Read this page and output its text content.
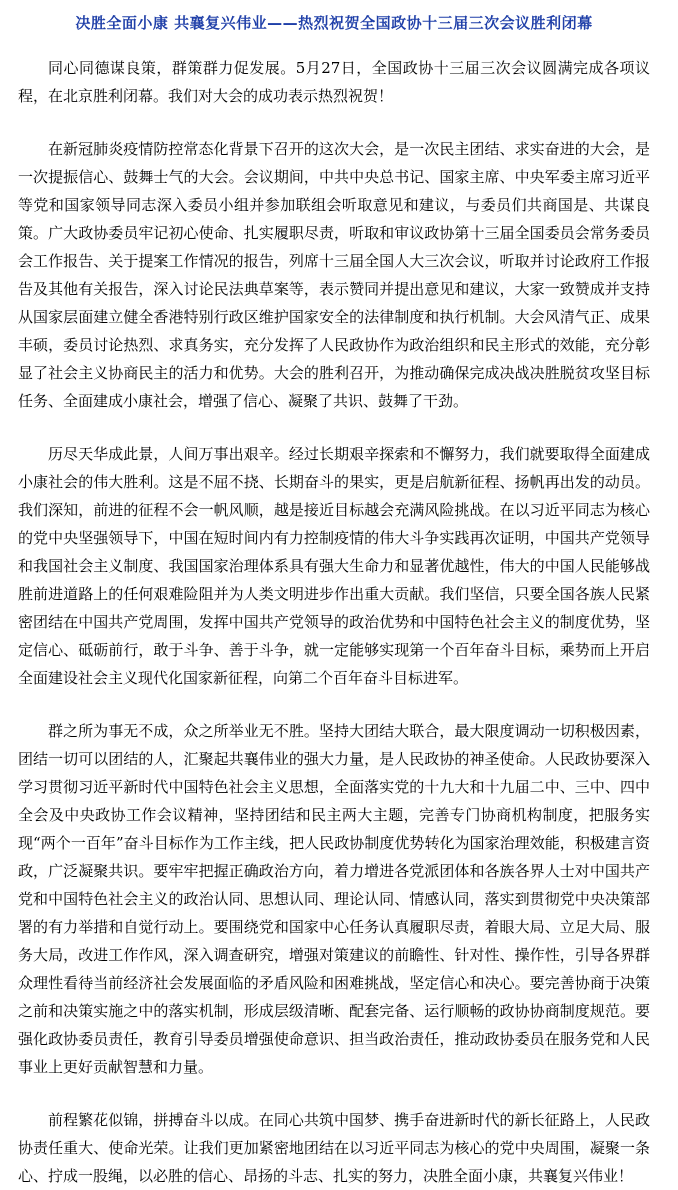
决胜全面小康 共襄复兴伟业——热烈祝贺全国政协十三届三次会议胜利闭幕

同心同德谋良策，群策群力促发展。5月27日，全国政协十三届三次会议圆满完成各项议程，在北京胜利闭幕。我们对大会的成功表示热烈祝贺！

在新冠肺炎疫情防控常态化背景下召开的这次大会，是一次民主团结、求实奋进的大会，是一次提振信心、鼓舞士气的大会。会议期间，中共中央总书记、国家主席、中央军委主席习近平等党和国家领导同志深入委员小组并参加联组会听取意见和建议，与委员们共商国是、共谋良策。广大政协委员牢记初心使命、扎实履职尽责，听取和审议政协第十三届全国委员会常务委员会工作报告、关于提案工作情况的报告，列席十三届全国人大三次会议，听取并讨论政府工作报告及其他有关报告，深入讨论民法典草案等，表示赞同并提出意见和建议，大家一致赞成并支持从国家层面建立健全香港特别行政区维护国家安全的法律制度和执行机制。大会风清气正、成果丰硕，委员讨论热烈、求真务实，充分发挥了人民政协作为政治组织和民主形式的效能，充分彰显了社会主义协商民主的活力和优势。大会的胜利召开，为推动确保完成决战决胜脱贫攻坚目标任务、全面建成小康社会，增强了信心、凝聚了共识、鼓舞了干劲。

历尽天华成此景，人间万事出艰辛。经过长期艰辛探索和不懈努力，我们就要取得全面建成小康社会的伟大胜利。这是不屈不挠、长期奋斗的果实，更是启航新征程、扬帆再出发的动员。我们深知，前进的征程不会一帆风顺，越是接近目标越会充满风险挑战。在以习近平同志为核心的党中央坚强领导下，中国在短时间内有力控制疫情的伟大斗争实践再次证明，中国共产党领导和我国社会主义制度、我国国家治理体系具有强大生命力和显著优越性，伟大的中国人民能够战胜前进道路上的任何艰难险阻并为人类文明进步作出重大贡献。我们坚信，只要全国各族人民紧密团结在中国共产党周围，发挥中国共产党领导的政治优势和中国特色社会主义的制度优势，坚定信心、砥砺前行，敢于斗争、善于斗争，就一定能够实现第一个百年奋斗目标，乘势而上开启全面建设社会主义现代化国家新征程，向第二个百年奋斗目标进军。

群之所为事无不成，众之所举业无不胜。坚持大团结大联合，最大限度调动一切积极因素，团结一切可以团结的人，汇聚起共襄伟业的强大力量，是人民政协的神圣使命。人民政协要深入学习贯彻习近平新时代中国特色社会主义思想，全面落实党的十九大和十九届二中、三中、四中全会及中央政协工作会议精神，坚持团结和民主两大主题，完善专门协商机构制度，把服务实现“两个一百年”奋斗目标作为工作主线，把人民政协制度优势转化为国家治理效能，积极建言资政，广泛凝聚共识。要牢牢把握正确政治方向，着力增进各党派团体和各族各界人士对中国共产党和中国特色社会主义的政治认同、思想认同、理论认同、情感认同，落实到贯彻党中央决策部署的有力举措和自觉行动上。要围绕党和国家中心任务认真履职尽责，着眼大局、立足大局、服务大局，改进工作作风，深入调查研究，增强对策建议的前瞻性、针对性、操作性，引导各界群众理性看待当前经济社会发展面临的矛盾风险和困难挑战，坚定信心和决心。要完善协商于决策之前和决策实施之中的落实机制，形成层级清晰、配套完备、运行顺畅的政协协商制度规范。要强化政协委员责任，教育引导委员增强使命意识、担当政治责任，推动政协委员在服务党和人民事业上更好贡献智慧和力量。

前程繁花似锦，拼搏奋斗以成。在同心共筑中国梦、携手奋进新时代的新长征路上，人民政协责任重大、使命光荣。让我们更加紧密地团结在以习近平同志为核心的党中央周围，凝聚一条心、拧成一股绳，以必胜的信心、昂扬的斗志、扎实的努力，决胜全面小康，共襄复兴伟业！
